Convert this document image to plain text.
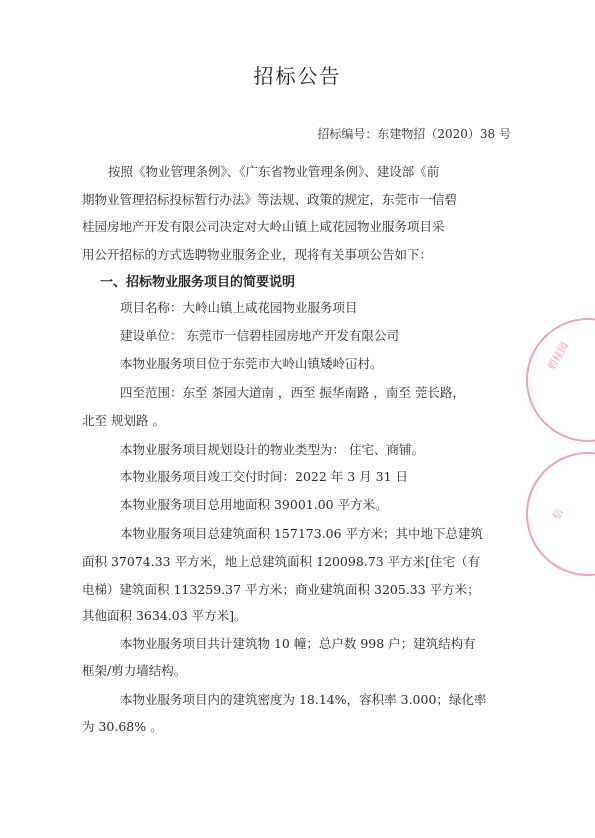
招标公告
招标编号：东建物招（2020）38 号
按照《物业管理条例》、《广东省物业管理条例》、建设部《前
期物业管理招标投标暂行办法》等法规、政策的规定，东莞市一信碧
桂园房地产开发有限公司决定对大岭山镇上咸花园物业服务项目采
用公开招标的方式选聘物业服务企业，现将有关事项公告如下：
一、招标物业服务项目的简要说明
项目名称：大岭山镇上咸花园物业服务项目
建设单位： 东莞市一信碧桂园房地产开发有限公司
本物业服务项目位于东莞市大岭山镇矮岭冚村。
四至范围：东至 茶园大道南 ，西至 振华南路 ，南至 莞长路，
北至 规划路 。
本物业服务项目规划设计的物业类型为： 住宅、商铺。
本物业服务项目竣工交付时间：2022 年 3 月 31 日
本物业服务项目总用地面积 39001.00 平方米。
本物业服务项目总建筑面积 157173.06 平方米；其中地下总建筑
面积 37074.33 平方米，地上总建筑面积 120098.73 平方米[住宅（有
电梯）建筑面积 113259.37 平方米；商业建筑面积 3205.33 平方米；
其他面积 3634.03 平方米]。
本物业服务项目共计建筑物 10 幢；总户数 998 户；建筑结构有
框架/剪力墙结构。
本物业服务项目内的建筑密度为 18.14%，容积率 3.000；绿化率
为 30.68% 。
碧桂园
信
